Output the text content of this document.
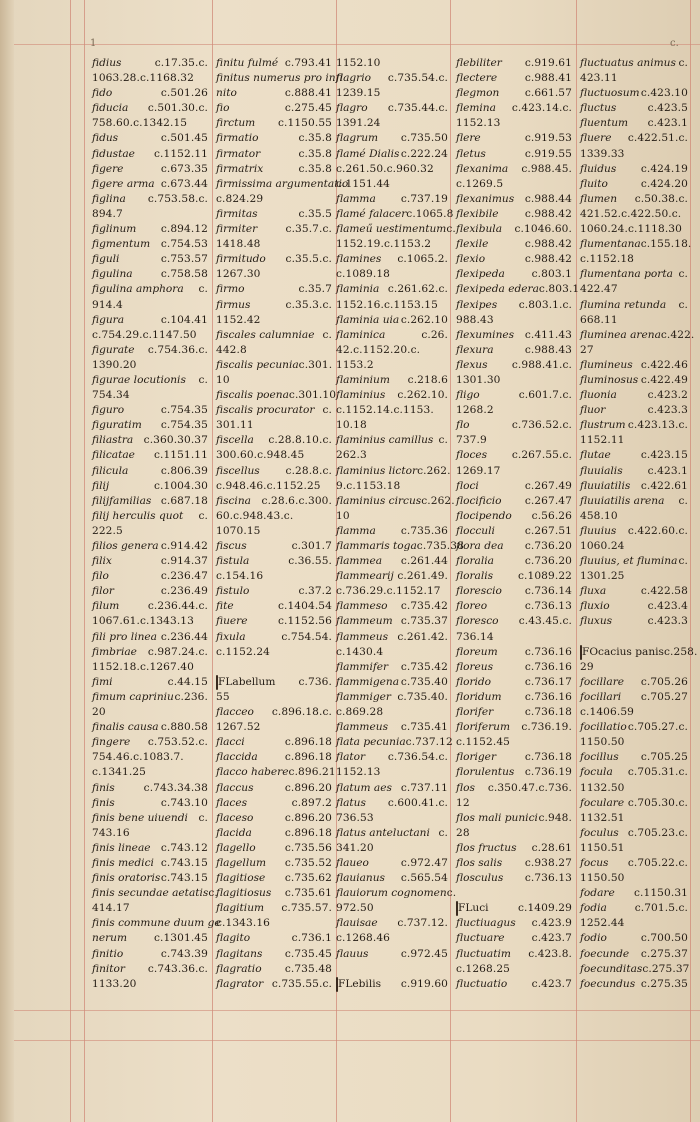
1	c.
fidius	c.17.35.c.
1063.28.c.1168.32
fido	c.501.26
fiducia c.501.30.c.
758.60.c.1342.15
fidus	c.501.45
fidustae c.1152.11
figere	c.673.35
figere arma c.673.44
figlina c.753.58.c.
894.7
figlinum c.894.12
figmentum c.754.53
figuli	c.753.57
figulina	c.758.58
figulina amphora c.
914.4
figura	c.104.41
c.754.29.c.1147.50
figurate c.754.36.c.
1390.20
figurae locutionis c.
754.34
figuro	c.754.35
figuratim c.754.35
filiastra c.360.30.37
filicatae c.1151.11
filicula	c.806.39
filij	c.1004.30
filijfamilias c.687.18
filij herculis quot c.
222.5
filios genera c.914.42
filix	c.914.37
filo	c.236.47
filor	c.236.49
filum	c.236.44.c.
1067.61.c.1343.13
fili pro linea c.236.44
fimbriae c.987.24.c.
1152.18.c.1267.40
fimi	c.44.15
fimum capriniu c.236.
20
finalis causa c.880.58
fingere c.753.52.c.
754.46.c.1083.7.
c.1341.25
finis	c.743.34.38
finis	c.743.10
finis bene uiuendi c.
743.16
finis lineae c.743.12
finis medici c.743.15
finis oratoris c.743.15
finis secundae aetatis c.
414.17
finis commune duum ge
nerum	c.1301.45
finitio	c.743.39
finitor c.743.36.c.
1133.20
finitu fulmé c.793.41
finitus numerus pro infi
nito	c.888.41
fio	c.275.45
firctum c.1150.55
firmatio	c.35.8
firmator	c.35.8
firmatrix	c.35.8
firmissima argumentatio
c.824.29
firmitas	c.35.5
firmiter	c.35.7.c.
1418.48
firmitudo c.35.5.c.
1267.30
firmo	c.35.7
firmus	c.35.3.c.
1152.42
fiscales calumniae c.
442.8
fiscalis pecunia c.301.
10
fiscalis poena c.301.10
fiscalis procurator c.
301.11
fiscella c.28.8.10.c.
300.60.c.948.45
fiscellus c.28.8.c.
c.948.46.c.1152.25
fiscina c.28.6.c.300.
60.c.948.43.c.
1070.15
fiscus	c.301.7
fistula	c.36.55.
c.154.16
fistulo	c.37.2
fite	c.1404.54
fiuere	c.1152.56
fixula	c.754.54.
c.1152.24
FLabellum c.736.
55
flacceo c.896.18.c.
1267.52
flacci	c.896.18
flaccida	c.896.18
flacco habere c.896.21
flaccus	c.896.20
flaces	c.897.2
flaceso	c.896.20
flacida	c.896.18
flagello	c.735.56
flagellum c.735.52
flagitiose c.735.62
flagitiosus c.735.61
flagitium c.735.57.
c.1343.16
flagito	c.736.1
flagitans c.735.45
flagratio c.735.48
flagrator c.735.55.c.
1152.10
flagrio c.735.54.c.
1239.15
flagro c.735.44.c.
1391.24
flagrum c.735.50
flamé Dialis c.222.24
c.261.50.c.960.32
c.1151.44
flamma c.737.19
flamé falacer c.1065.8
flameű uestimentum c.
1152.19.c.1153.2
flamines c.1065.2.
c.1089.18
flaminia c.261.62.c.
1152.16.c.1153.15
flaminia uia c.262.10
flaminica	c.26.
42.c.1152.20.c.
1153.2
flaminium c.218.6
flaminius c.262.10.
c.1152.14.c.1153.
10.18
flaminius camillus c.
262.3
flaminius lictor c.262.
9.c.1153.18
flaminius circus c.262.
10
flamma c.735.36
flammaris toga c.735.38
flammea c.261.44
flammearij c.261.49.
c.736.29.c.1152.17
flammeso c.735.42
flammeum c.735.37
flammeus c.261.42.
c.1430.4
flammifer c.735.42
flammigena c.735.40
flammiger c.735.40.
c.869.28
flammeus c.735.41
flata pecunia c.737.12
flator c.736.54.c.
1152.13
flatum aes c.737.11
flatus c.600.41.c.
736.53
flatus anteluctani c.
341.20
flaueo	c.972.47
flauianus c.565.54
flauiorum cognomen c.
972.50
flauisae c.737.12.
c.1268.46
flauus	c.972.45
FLebilis c.919.60
flebiliter c.919.61
flectere	c.988.41
flegmon c.661.57
flemina c.423.14.c.
1152.13
flere	c.919.53
fletus	c.919.55
flexanima c.988.45.
c.1269.5
flexanimus c.988.44
flexibile c.988.42
flexibula c.1046.60.
flexile	c.988.42
flexio	c.988.42
flexipeda	c.803.1
flexipeda edera c.803.1
flexipes c.803.1.c.
988.43
flexumines c.411.43
flexura	c.988.43
flexus c.988.41.c.
1301.30
fligo	c.601.7.c.
1268.2
flo	c.736.52.c.
737.9
floces c.267.55.c.
1269.17
floci	c.267.49
flocificio c.267.47
flocipendo c.56.26
flocculi	c.267.51
flora dea c.736.20
floralia	c.736.20
floralis c.1089.22
florescio c.736.14
floreo	c.736.13
floresco c.43.45.c.
736.14
floreum	c.736.16
floreus	c.736.16
florido	c.736.17
floridum c.736.16
florifer	c.736.18
floriferum c.736.19.
c.1152.45
floriger	c.736.18
florulentus c.736.19
flos c.350.47.c.736.
12
flos mali punici c.948.
28
flos fructus c.28.61
flos salis c.938.27
flosculus c.736.13
FLuci	c.1409.29
fluctiuagus c.423.9
fluctuare	c.423.7
fluctuatim c.423.8.
c.1268.25
fluctuatio c.423.7
fluctuatus animus c.
423.11
fluctuosum c.423.10
fluctus	c.423.5
fluentum c.423.1
fluere c.422.51.c.
1339.33
fluidus c.424.19
fluito	c.424.20
flumen c.50.38.c.
421.52.c.422.50.c.
1060.24.c.1118.30
flumentana c.155.18.
c.1152.18
flumentana porta c.
422.47
flumina retunda c.
668.11
fluminea arena c.422.
27
flumineus c.422.46
fluminosus c.422.49
fluonia	c.423.2
fluor	c.423.3
flustrum c.423.13.c.
1152.11
flutae	c.423.15
fluuialis c.423.1
fluuiatilis c.422.61
fluuiatilis arena c.
458.10
fluuius c.422.60.c.
1060.24
fluuius, et flumina c.
1301.25
fluxa	c.422.58
fluxio	c.423.4
fluxus	c.423.3
FOcacius panis c.258.
29
focillare c.705.26
focillari c.705.27
c.1406.59
focillatio c.705.27.c.
1150.50
focillus c.705.25
focula c.705.31.c.
1132.50
foculare c.705.30.c.
1132.51
foculus c.705.23.c.
1150.51
focus c.705.22.c.
1150.50
fodare c.1150.31
fodia	c.701.5.c.
1252.44
fodio	c.700.50
foecunde c.275.37
foecunditas c.275.37
foecundus c.275.35
